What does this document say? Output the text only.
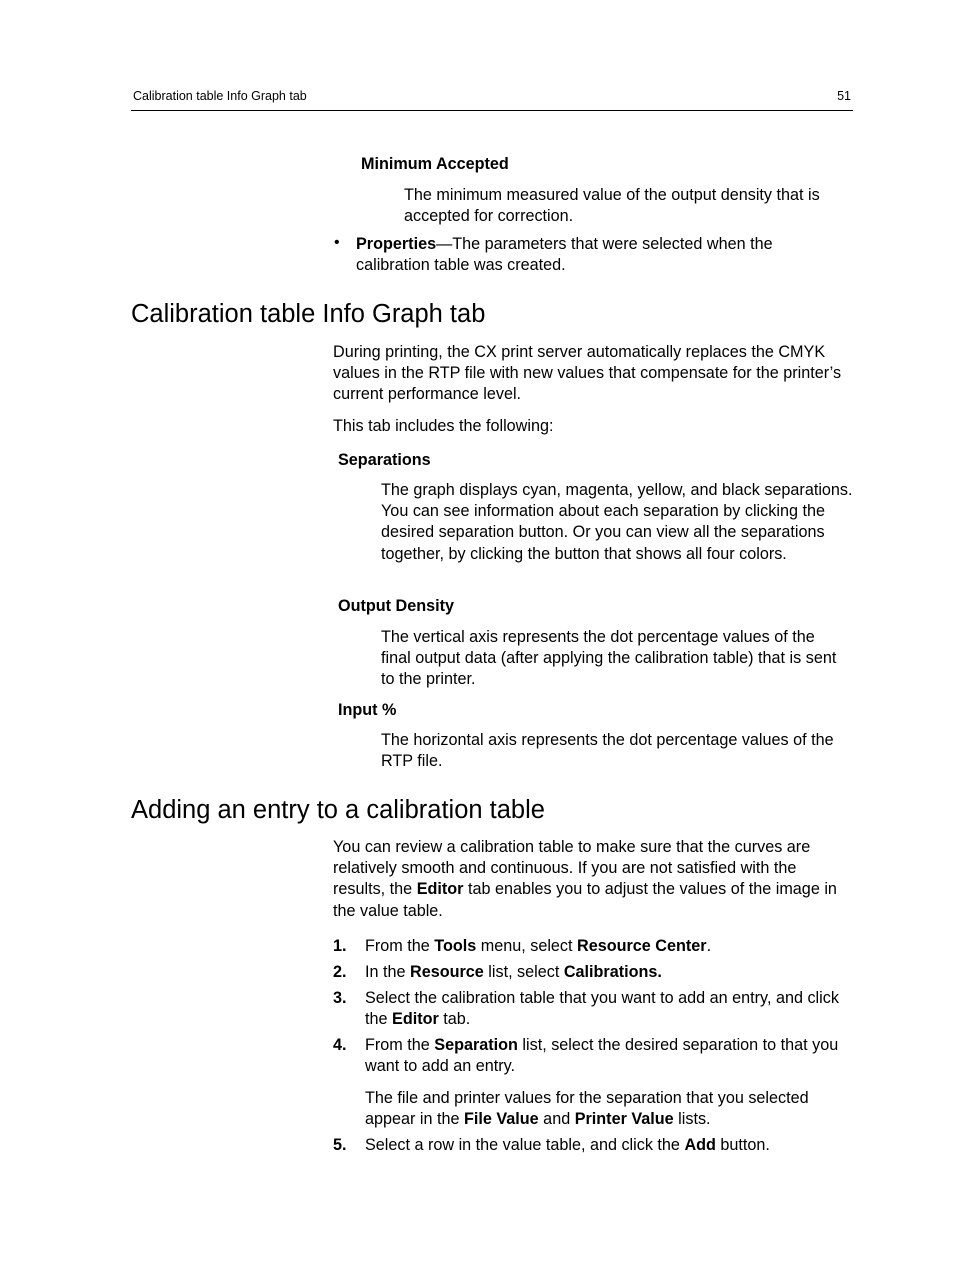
Calibration table Info Graph tab	51
Minimum Accepted
The minimum measured value of the output density that is accepted for correction.
• Properties—The parameters that were selected when the calibration table was created.
Calibration table Info Graph tab
During printing, the CX print server automatically replaces the CMYK values in the RTP file with new values that compensate for the printer’s current performance level.
This tab includes the following:
Separations
The graph displays cyan, magenta, yellow, and black separations. You can see information about each separation by clicking the desired separation button. Or you can view all the separations together, by clicking the button that shows all four colors.
Output Density
The vertical axis represents the dot percentage values of the final output data (after applying the calibration table) that is sent to the printer.
Input %
The horizontal axis represents the dot percentage values of the RTP file.
Adding an entry to a calibration table
You can review a calibration table to make sure that the curves are relatively smooth and continuous. If you are not satisfied with the results, the Editor tab enables you to adjust the values of the image in the value table.
1. From the Tools menu, select Resource Center.
2. In the Resource list, select Calibrations.
3. Select the calibration table that you want to add an entry, and click the Editor tab.
4. From the Separation list, select the desired separation to that you want to add an entry.
The file and printer values for the separation that you selected appear in the File Value and Printer Value lists.
5. Select a row in the value table, and click the Add button.
